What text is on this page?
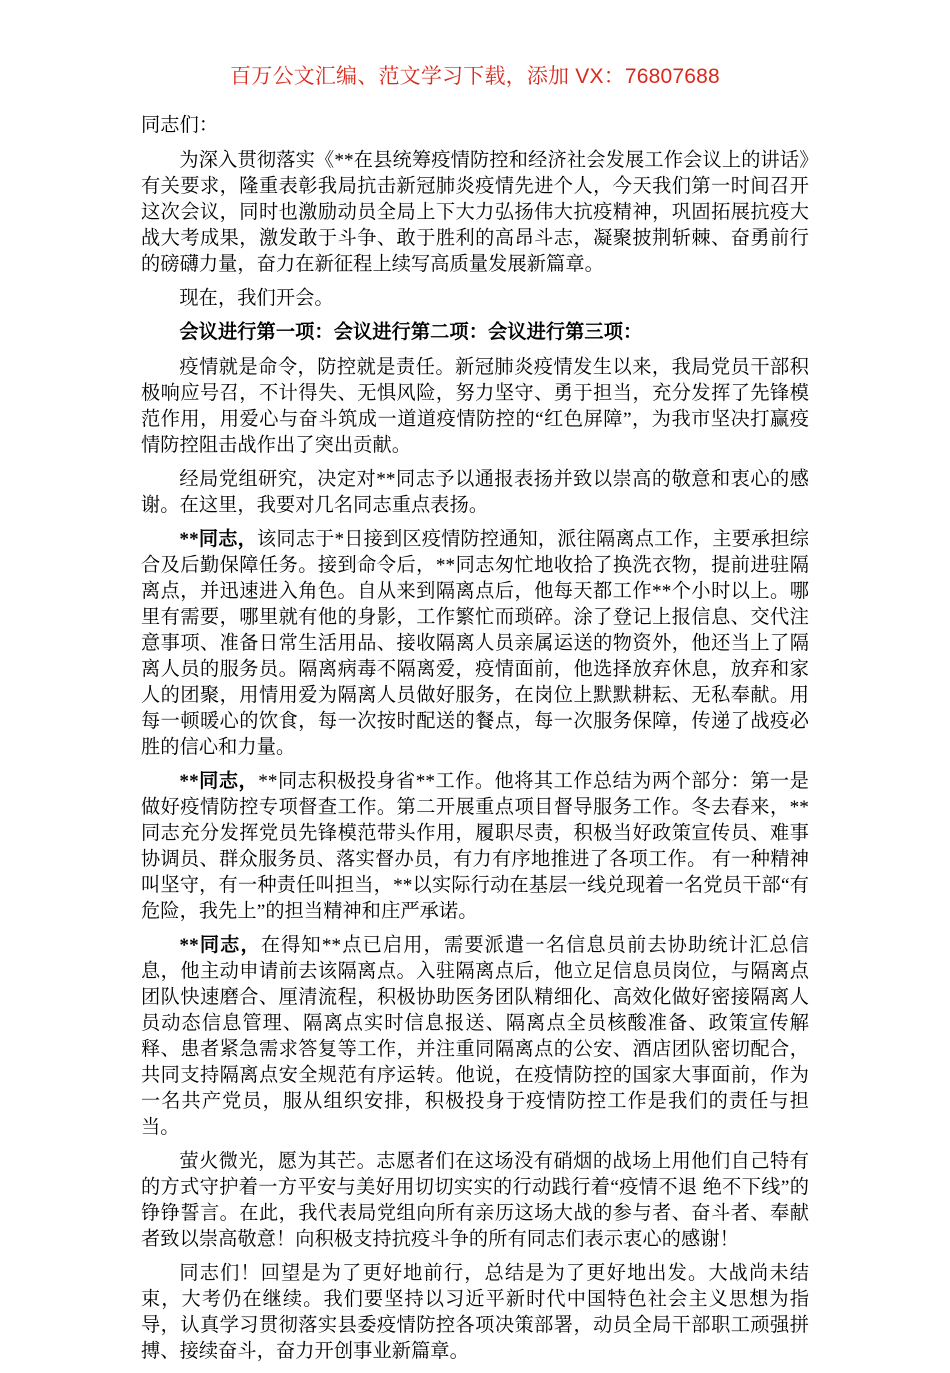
百万公文汇编、范文学习下载，添加 VX：76807688

同志们：

为深入贯彻落实《**在县统筹疫情防控和经济社会发展工作会议上的讲话》有关要求，隆重表彰我局抗击新冠肺炎疫情先进个人，今天我们第一时间召开这次会议，同时也激励动员全局上下大力弘扬伟大抗疫精神，巩固拓展抗疫大战大考成果，激发敢于斗争、敢于胜利的高昂斗志，凝聚披荆斩棘、奋勇前行的磅礴力量，奋力在新征程上续写高质量发展新篇章。

现在，我们开会。

会议进行第一项：会议进行第二项：会议进行第三项：

疫情就是命令，防控就是责任。新冠肺炎疫情发生以来，我局党员干部积极响应号召，不计得失、无惧风险，努力坚守、勇于担当，充分发挥了先锋模范作用，用爱心与奋斗筑成一道道疫情防控的“红色屏障”，为我市坚决打赢疫情防控阻击战作出了突出贡献。

经局党组研究，决定对**同志予以通报表扬并致以崇高的敬意和衷心的感谢。在这里，我要对几名同志重点表扬。

**同志，该同志于*日接到区疫情防控通知，派往隔离点工作，主要承担综合及后勤保障任务。接到命令后，**同志匆忙地收拾了换洗衣物，提前进驻隔离点，并迅速进入角色。自从来到隔离点后，他每天都工作**个小时以上。哪里有需要，哪里就有他的身影，工作繁忙而琐碎。涂了登记上报信息、交代注意事项、准备日常生活用品、接收隔离人员亲属运送的物资外，他还当上了隔离人员的服务员。隔离病毒不隔离爱，疫情面前，他选择放弃休息，放弃和家人的团聚，用情用爱为隔离人员做好服务，在岗位上默默耕耘、无私奉献。用每一顿暖心的饮食，每一次按时配送的餐点，每一次服务保障，传递了战疫必胜的信心和力量。

**同志，**同志积极投身省**工作。他将其工作总结为两个部分：第一是做好疫情防控专项督查工作。第二开展重点项目督导服务工作。冬去春来，**同志充分发挥党员先锋模范带头作用，履职尽责，积极当好政策宣传员、难事协调员、群众服务员、落实督办员，有力有序地推进了各项工作。 有一种精神叫坚守，有一种责任叫担当，**以实际行动在基层一线兑现着一名党员干部“有危险，我先上”的担当精神和庄严承诺。

**同志，在得知**点已启用，需要派遣一名信息员前去协助统计汇总信息，他主动申请前去该隔离点。入驻隔离点后，他立足信息员岗位，与隔离点团队快速磨合、厘清流程，积极协助医务团队精细化、高效化做好密接隔离人员动态信息管理、隔离点实时信息报送、隔离点全员核酸准备、政策宣传解释、患者紧急需求答复等工作，并注重同隔离点的公安、酒店团队密切配合，共同支持隔离点安全规范有序运转。他说，在疫情防控的国家大事面前，作为一名共产党员，服从组织安排，积极投身于疫情防控工作是我们的责任与担当。

萤火微光，愿为其芒。志愿者们在这场没有硝烟的战场上用他们自己特有的方式守护着一方平安与美好用切切实实的行动践行着“疫情不退 绝不下线”的铮铮誓言。在此，我代表局党组向所有亲历这场大战的参与者、奋斗者、奉献者致以崇高敬意！向积极支持抗疫斗争的所有同志们表示衷心的感谢！

同志们！回望是为了更好地前行，总结是为了更好地出发。大战尚未结束，大考仍在继续。我们要坚持以习近平新时代中国特色社会主义思想为指导，认真学习贯彻落实县委疫情防控各项决策部署，动员全局干部职工顽强拼搏、接续奋斗，奋力开创事业新篇章。
